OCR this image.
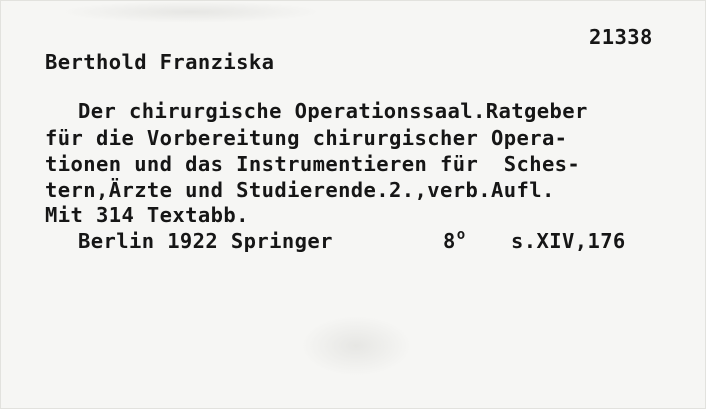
21338
Berthold Franziska
Der chirurgische Operationssaal.Ratgeber
für die Vorbereitung chirurgischer Opera-
tionen und das Instrumentieren für  Sches-
tern,Ärzte und Studierende.2.,verb.Aufl.
Mit 314 Textabb.
Berlin 1922 Springer	8$^o$ s.XIV,176
